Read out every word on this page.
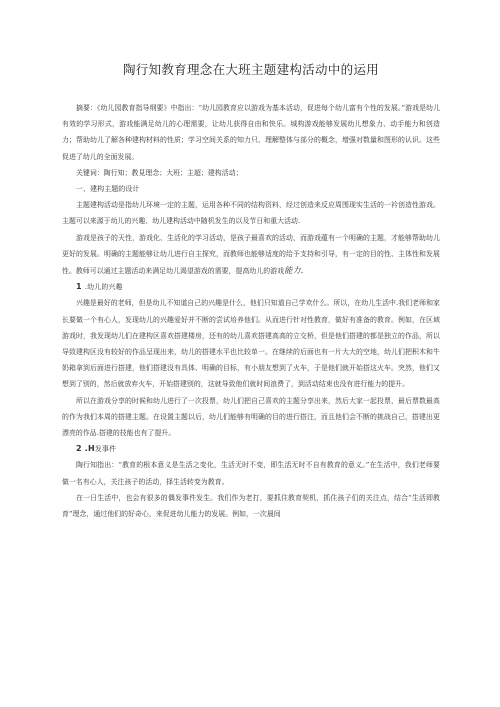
陶行知教育理念在大班主题建构活动中的运用

摘要：《幼儿园教育指导纲要》中指出：“幼儿园教育应以游戏为基本活动，促进每个幼儿富有个性的发展。”游戏是幼儿有效的学习形式，游戏能满足幼儿的心理需要，让幼儿获得自由和快乐。城构游戏能够发展幼儿想象力、动手能力和创造力；帮助幼儿了解各种建构材料的性质；学习空间关系的知力只、理解整体与部分的概念，增强对数量和图形的认识。这些促进了幼儿的全面发展。

关键词：陶行知；教見理念；大班；主超；建构活动；

一、建构主题的设计

主题建构活动是指幼儿环境一定的主题，运用各种不同的结构资料，经过创造来反应周围现实生活的一衿创造性游戏。主题可以来源于幼儿的兴趣、幼儿建构活动中随机发生的以及节日和重大活动.

游戏是孩子的天性，游戏化、生活化的学习活动，是孩子最喜欢的活动，而游戏蕴有一个明确的主题，才能够帮助幼儿更好的发展。明确的主题能够让幼儿进行自主探究，而教师也能够适度的给予支持和引导，有一定的目的性、主体性和发展性。教师可以通过主题活动来满足幼儿渴望游戏的需要，提高幼儿的游戏能力.

1 .幼儿的兴趣

兴趣是最好的老师，但是幼儿不知道自己的兴趣是什么，他们只知道自己学欢什么。所以，在幼儿生活中.我们老师和家长要做一个有心人，发现幼儿的兴趣爱好并不断的尝试培养他们。从而进行针对性教育，做好有准备的教育。例如，在区域游戏时，我发现幼儿们在建构区喜欢搭建楼房，还有的幼儿喜欢搭建高高的立交桥，但是他们搭建的都是独立的作品，所以导致建构区没有较好的作品呈现出来，幼儿的搭建水平也比较单一。在继续的后面也有一片大大的空地，幼儿们把积木和牛奶箱拿到后面进行搭建，他们搭建没有具体、明确的目标，有小朋友想到了火车，于是他们就开始搭这火车。突然，他们又想到了别的，然后就放弃火车，开始搭建别的，这就导致他们就时间浪费了，到活动结束也没有进行能力的提升。

所以在游戏分享的时候和幼儿进行了一次投票，幼儿们把自己喜欢的主题分享出来，然后大家一起投票，最后票数最高的作为我们本周的搭建主题。在设置主题以后，幼儿们能够有明确的目的进行搭注，而且他们会不断的挑战自己，搭建出更漂亮的作品.搭建的技能也有了提升。

2 .H发事件

陶行知指出：“教育的根本意义是生活之变化，生活无时不变，即生活无时不自有教育的意义。”在生活中，我们老师要做一名有心人，关注孩子的活动，择生活转变为教育。

在一日生活中，也会有很多的偶发事件发生。我们作为老打，要抓住教育契机，抓住孩子们的关注点，结合“生活即教育”理念，通过他们的好奇心，来促进幼儿能力的发展。例如，一次晨间
